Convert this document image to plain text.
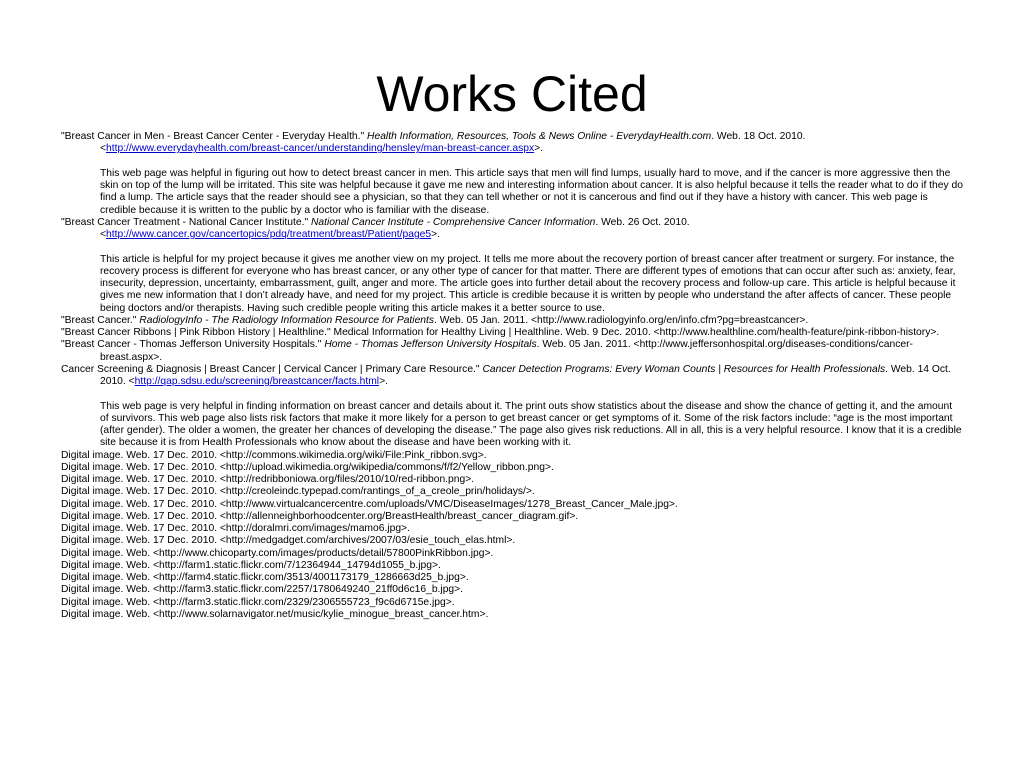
Works Cited

"Breast Cancer in Men - Breast Cancer Center - Everyday Health." Health Information, Resources, Tools & News Online - EverydayHealth.com. Web. 18 Oct. 2010. <http://www.everydayhealth.com/breast-cancer/understanding/hensley/man-breast-cancer.aspx>.

This web page was helpful in figuring out how to detect breast cancer in men. This article says that men will find lumps, usually hard to move, and if the cancer is more aggressive then the skin on top of the lump will be irritated. This site was helpful because it gave me new and interesting information about cancer. It is also helpful because it tells the reader what to do if they do find a lump. The article says that the reader should see a physician, so that they can tell whether or not it is cancerous and find out if they have a history with cancer. This web page is credible because it is written to the public by a doctor who is familiar with the disease.

"Breast Cancer Treatment - National Cancer Institute." National Cancer Institute - Comprehensive Cancer Information. Web. 26 Oct. 2010. <http://www.cancer.gov/cancertopics/pdq/treatment/breast/Patient/page5>.

This article is helpful for my project because it gives me another view on my project. It tells me more about the recovery portion of breast cancer after treatment or surgery. For instance, the recovery process is different for everyone who has breast cancer, or any other type of cancer for that matter. There are different types of emotions that can occur after such as: anxiety, fear, insecurity, depression, uncertainty, embarrassment, guilt, anger and more. The article goes into further detail about the recovery process and follow-up care. This article is helpful because it gives me new information that I don’t already have, and need for my project. This article is credible because it is written by people who understand the after affects of cancer. These people being doctors and/or therapists. Having such credible people writing this article makes it a better source to use.

"Breast Cancer." RadiologyInfo - The Radiology Information Resource for Patients. Web. 05 Jan. 2011. <http://www.radiologyinfo.org/en/info.cfm?pg=breastcancer>.

"Breast Cancer Ribbons | Pink Ribbon History | Healthline." Medical Information for Healthy Living | Healthline. Web. 9 Dec. 2010. <http://www.healthline.com/health-feature/pink-ribbon-history>.

"Breast Cancer - Thomas Jefferson University Hospitals." Home - Thomas Jefferson University Hospitals. Web. 05 Jan. 2011. <http://www.jeffersonhospital.org/diseases-conditions/cancer-breast.aspx>.

Cancer Screening & Diagnosis | Breast Cancer | Cervical Cancer | Primary Care Resource." Cancer Detection Programs: Every Woman Counts | Resources for Health Professionals. Web. 14 Oct. 2010. <http://qap.sdsu.edu/screening/breastcancer/facts.html>.

This web page is very helpful in finding information on breast cancer and details about it. The print outs show statistics about the disease and show the chance of getting it, and the amount of survivors. This web page also lists risk factors that make it more likely for a person to get breast cancer or get symptoms of it. Some of the risk factors include: “age is the most important (after gender). The older a women, the greater her chances of developing the disease.” The page also gives risk reductions. All in all, this is a very helpful resource. I know that it is a credible site because it is from Health Professionals who know about the disease and have been working with it.

Digital image. Web. 17 Dec. 2010. <http://commons.wikimedia.org/wiki/File:Pink_ribbon.svg>.

Digital image. Web. 17 Dec. 2010. <http://upload.wikimedia.org/wikipedia/commons/f/f2/Yellow_ribbon.png>.

Digital image. Web. 17 Dec. 2010. <http://redribboniowa.org/files/2010/10/red-ribbon.png>.

Digital image. Web. 17 Dec. 2010. <http://creoleindc.typepad.com/rantings_of_a_creole_prin/holidays/>.

Digital image. Web. 17 Dec. 2010. <http://www.virtualcancercentre.com/uploads/VMC/DiseaseImages/1278_Breast_Cancer_Male.jpg>.

Digital image. Web. 17 Dec. 2010. <http://allenneighborhoodcenter.org/BreastHealth/breast_cancer_diagram.gif>.

Digital image. Web. 17 Dec. 2010. <http://doralmri.com/images/mamo6.jpg>.

Digital image. Web. 17 Dec. 2010. <http://medgadget.com/archives/2007/03/esie_touch_elas.html>.

Digital image. Web. <http://www.chicoparty.com/images/products/detail/57800PinkRibbon.jpg>.

Digital image. Web. <http://farm1.static.flickr.com/7/12364944_14794d1055_b.jpg>.

Digital image. Web. <http://farm4.static.flickr.com/3513/4001173179_1286663d25_b.jpg>.

Digital image. Web. <http://farm3.static.flickr.com/2257/1780649240_21ff0d6c16_b.jpg>.

Digital image. Web. <http://farm3.static.flickr.com/2329/2306555723_f9c6d6715e.jpg>.

Digital image. Web. <http://www.solarnavigator.net/music/kylie_minogue_breast_cancer.htm>.
